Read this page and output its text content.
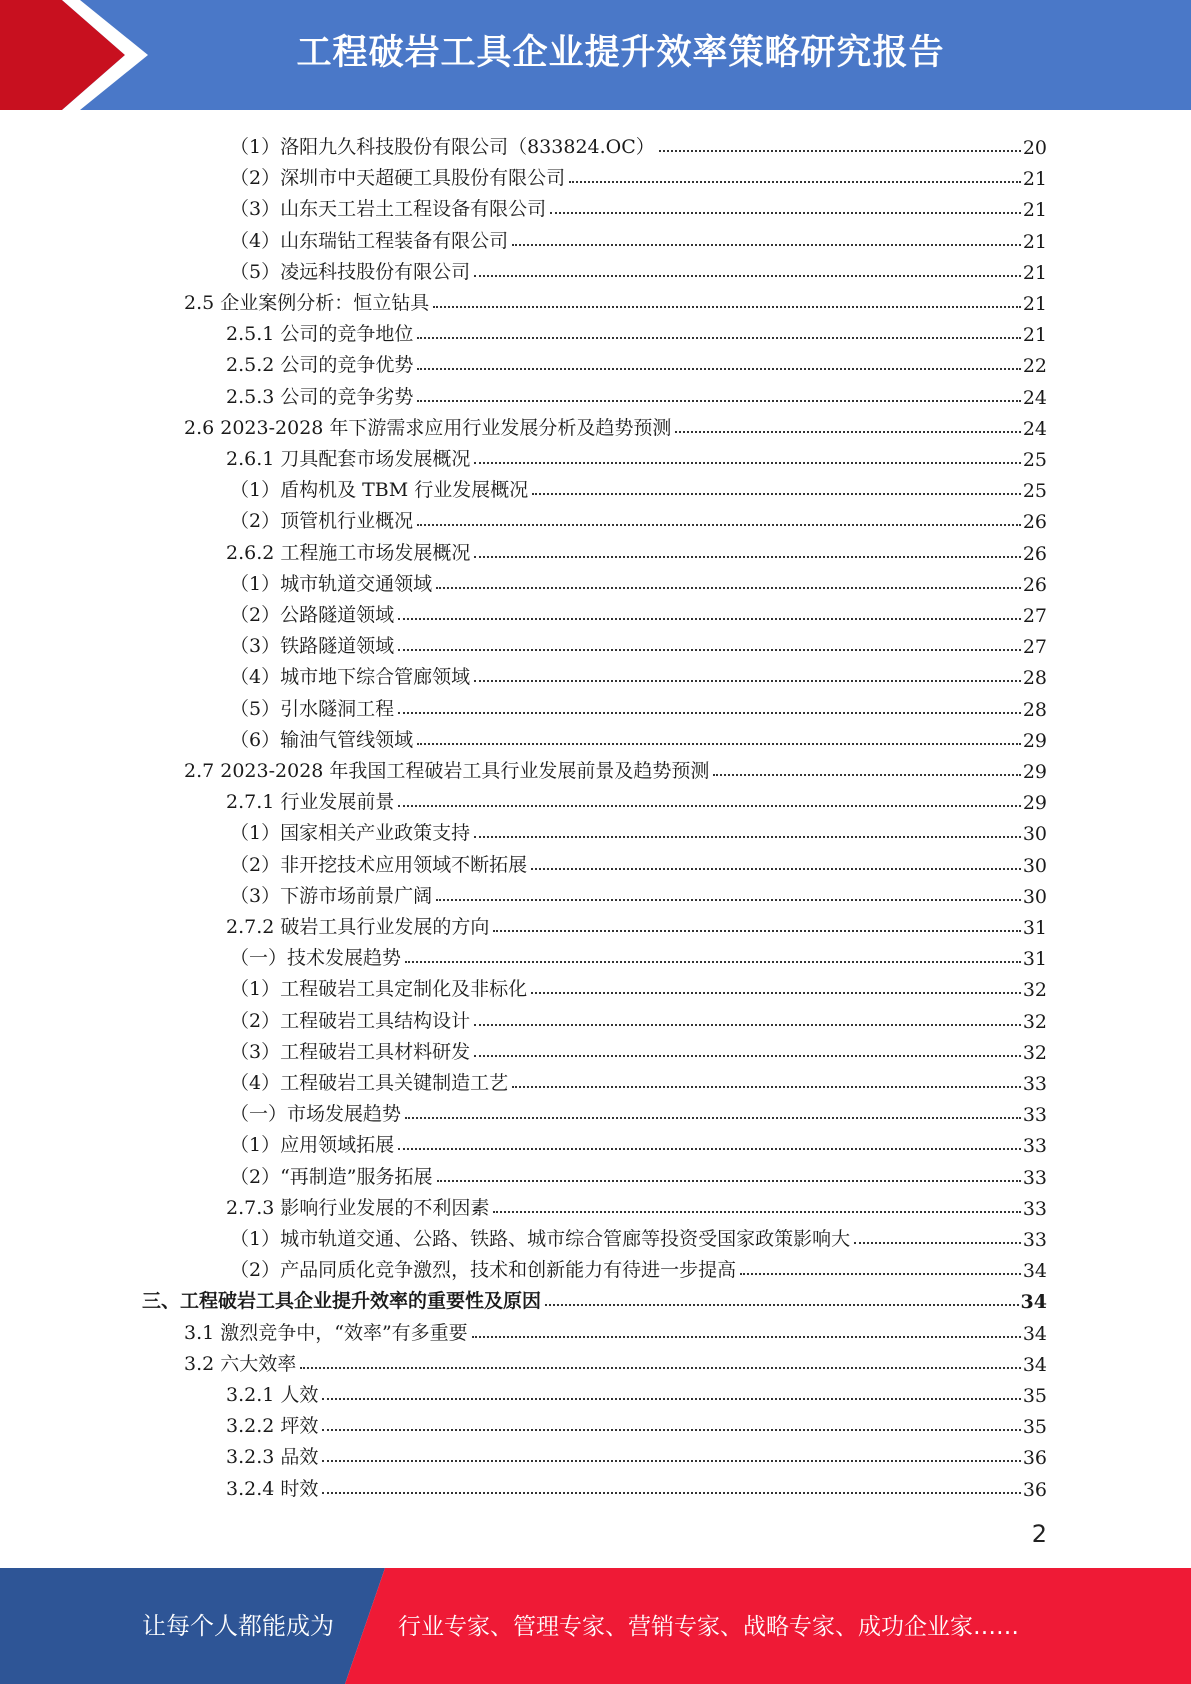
工程破岩工具企业提升效率策略研究报告
（1）洛阳九久科技股份有限公司（833824.OC）	20
（2）深圳市中天超硬工具股份有限公司	21
（3）山东天工岩土工程设备有限公司	21
（4）山东瑞钻工程装备有限公司	21
（5）凌远科技股份有限公司	21
2.5 企业案例分析：恒立钻具	21
2.5.1 公司的竞争地位	21
2.5.2 公司的竞争优势	22
2.5.3 公司的竞争劣势	24
2.6 2023-2028 年下游需求应用行业发展分析及趋势预测	24
2.6.1 刀具配套市场发展概况	25
（1）盾构机及 TBM 行业发展概况	25
（2）顶管机行业概况	26
2.6.2 工程施工市场发展概况	26
（1）城市轨道交通领域	26
（2）公路隧道领域	27
（3）铁路隧道领域	27
（4）城市地下综合管廊领域	28
（5）引水隧洞工程	28
（6）输油气管线领域	29
2.7 2023-2028 年我国工程破岩工具行业发展前景及趋势预测	29
2.7.1 行业发展前景	29
（1）国家相关产业政策支持	30
（2）非开挖技术应用领域不断拓展	30
（3）下游市场前景广阔	30
2.7.2 破岩工具行业发展的方向	31
（一）技术发展趋势	31
（1）工程破岩工具定制化及非标化	32
（2）工程破岩工具结构设计	32
（3）工程破岩工具材料研发	32
（4）工程破岩工具关键制造工艺	33
（一）市场发展趋势	33
（1）应用领域拓展	33
（2）“再制造”服务拓展	33
2.7.3 影响行业发展的不利因素	33
（1）城市轨道交通、公路、铁路、城市综合管廊等投资受国家政策影响大	33
（2）产品同质化竞争激烈，技术和创新能力有待进一步提高	34
三、工程破岩工具企业提升效率的重要性及原因	34
3.1 激烈竞争中，“效率”有多重要	34
3.2 六大效率	34
3.2.1 人效	35
3.2.2 坪效	35
3.2.3 品效	36
3.2.4 时效	36
2
让每个人都能成为	行业专家、管理专家、营销专家、战略专家、成功企业家……
